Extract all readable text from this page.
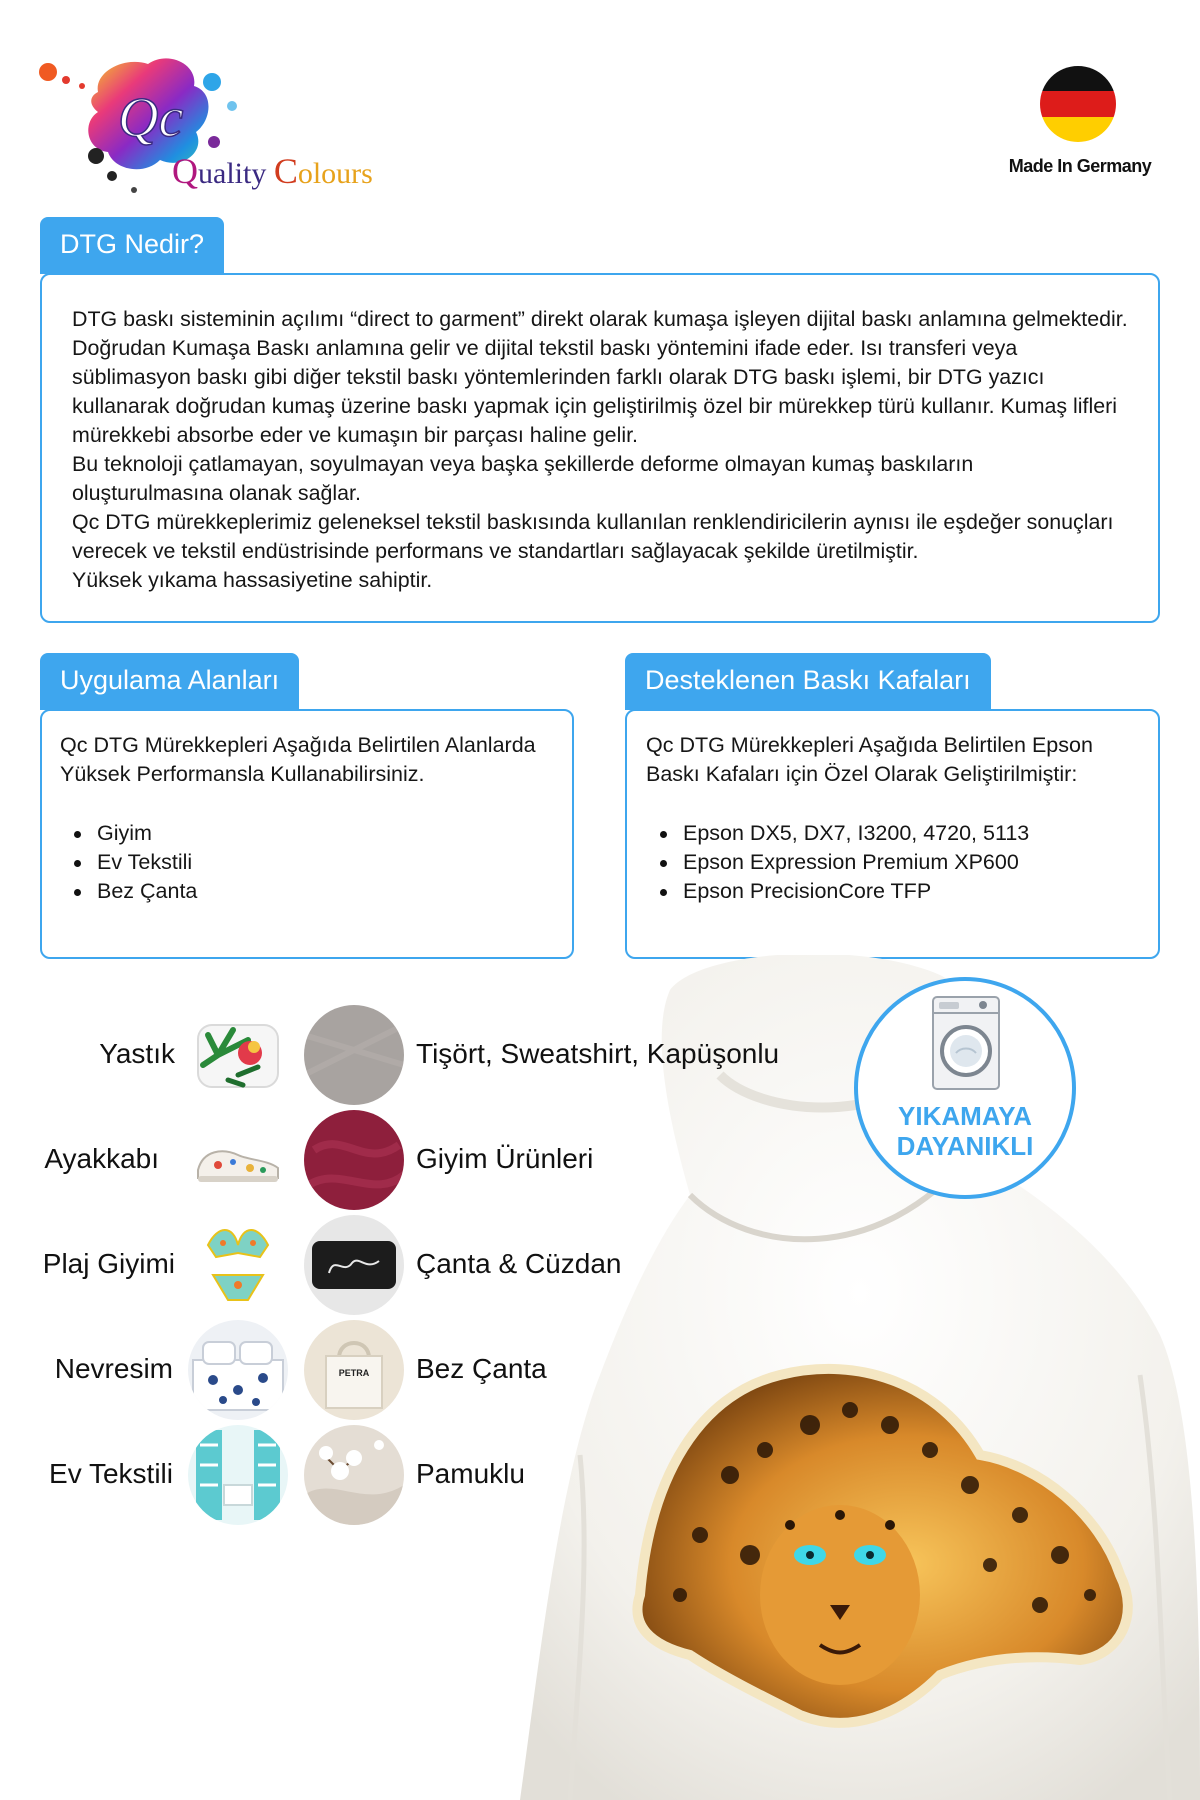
Qc
Quality Colours	Made In Germany
DTG Nedir?

DTG baskı sisteminin açılımı “direct to garment” direkt olarak kumaşa işleyen dijital baskı anlamına gelmektedir. Doğrudan Kumaşa Baskı anlamına gelir ve dijital tekstil baskı yöntemini ifade eder. Isı transferi veya süblimasyon baskı gibi diğer tekstil baskı yöntemlerinden farklı olarak DTG baskı işlemi, bir DTG yazıcı kullanarak doğrudan kumaş üzerine baskı yapmak için geliştirilmiş özel bir mürekkep türü kullanır. Kumaş lifleri mürekkebi absorbe eder ve kumaşın bir parçası haline gelir.

Bu teknoloji çatlamayan, soyulmayan veya başka şekillerde deforme olmayan kumaş baskıların oluşturulmasına olanak sağlar.

Qc DTG mürekkeplerimiz geleneksel tekstil baskısında kullanılan renklendiricilerin aynısı ile eşdeğer sonuçları verecek ve tekstil endüstrisinde performans ve standartları sağlayacak şekilde üretilmiştir.

Yüksek yıkama hassasiyetine sahiptir.

Uygulama Alanları

Qc DTG Mürekkepleri Aşağıda Belirtilen Alanlarda Yüksek Performansla Kullanabilirsiniz.

Giyim
Ev Tekstili
Bez Çanta
Desteklenen Baskı Kafaları

Qc DTG Mürekkepleri Aşağıda Belirtilen Epson Baskı Kafaları için Özel Olarak Geliştirilmiştir:

Epson DX5, DX7, I3200, 4720, 5113
Epson Expression Premium XP600
Epson PrecisionCore TFP
YIKAMAYA
DAYANIKLI
Yastık	Tişört, Sweatshirt, Kapüşonlu
Ayakkabı	Giyim Ürünleri
Plaj Giyimi	Çanta & Cüzdan
Nevresim	PETRA Bez Çanta
Ev Tekstili	Pamuklu
